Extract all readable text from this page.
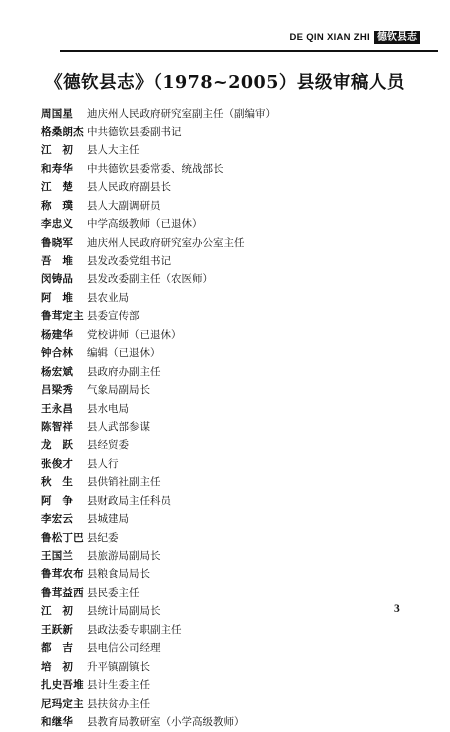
DE QIN XIAN ZHI 德钦县志
《德钦县志》（1978~2005）县级审稿人员
周国星	迪庆州人民政府研究室副主任（副编审）
格桑朗杰 中共德钦县委副书记
江　初	县人大主任
和寿华	中共德钦县委常委、统战部长
江　楚	县人民政府副县长
称　璞	县人大副调研员
李忠义	中学高级教师（已退休）
鲁晓军	迪庆州人民政府研究室办公室主任
吾　堆	县发改委党组书记
闵铸品	县发改委副主任（农医师）
阿　堆	县农业局
鲁茸定主 县委宣传部
杨建华	党校讲师（已退休）
钟合林	编辑（已退休）
杨宏斌	县政府办副主任
吕梁秀	气象局副局长
王永昌	县水电局
陈智祥	县人武部参谋
龙　跃	县经贸委
张俊才	县人行
秋　生	县供销社副主任
阿　争	县财政局主任科员
李宏云	县城建局
鲁松丁巴 县纪委
王国兰	县旅游局副局长
鲁茸农布 县粮食局局长
鲁茸益西 县民委主任
江　初	县统计局副局长
王跃新	县政法委专职副主任
都　吉	县电信公司经理
培　初	升平镇副镇长
扎史吾堆 县计生委主任
尼玛定主 县扶贫办主任
和继华	县教育局教研室（小学高级教师）
3
